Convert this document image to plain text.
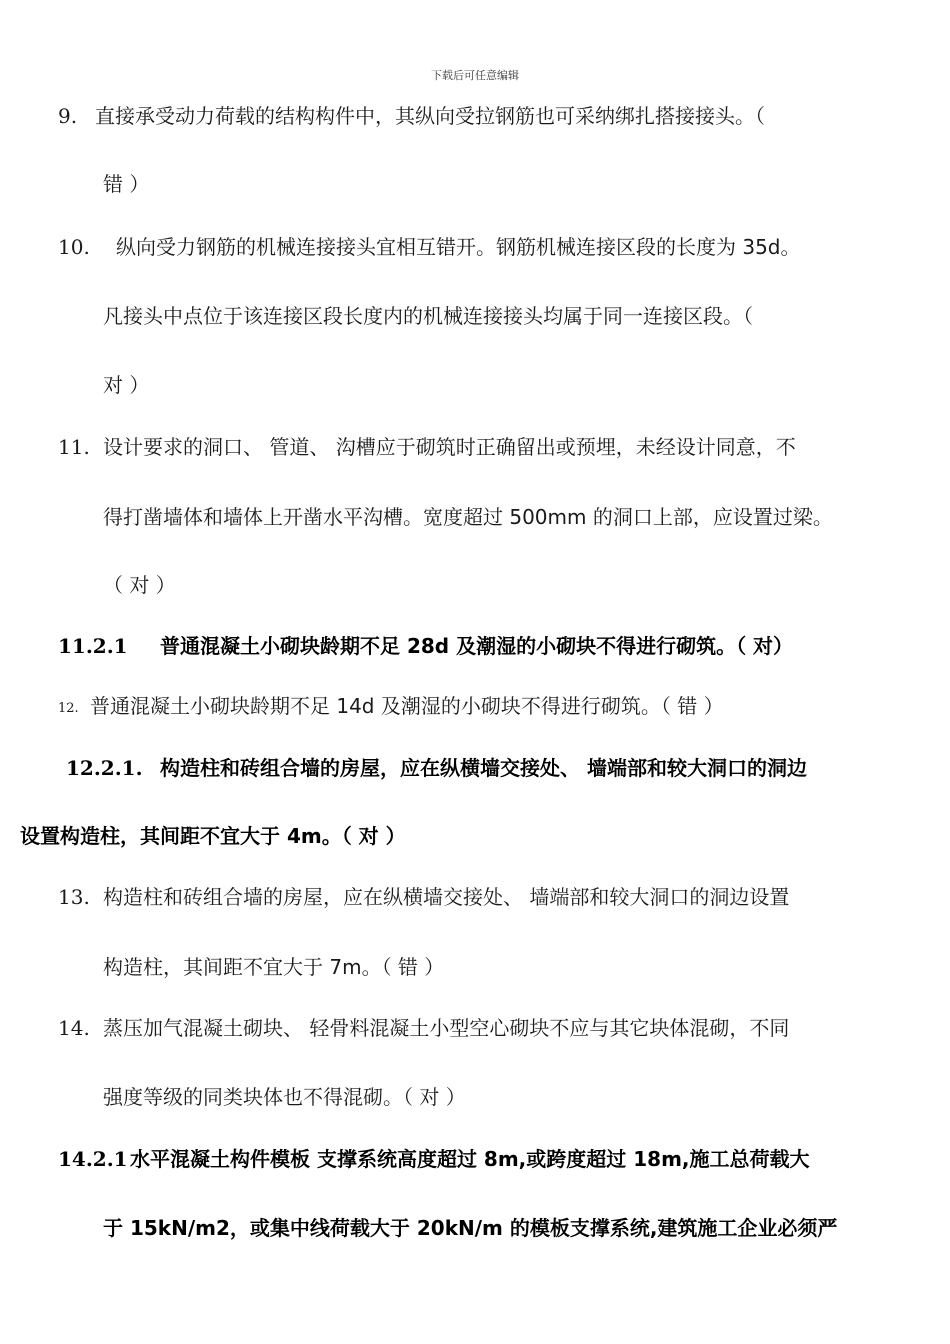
下载后可任意编辑
9. 直接承受动力荷载的结构构件中，其纵向受拉钢筋也可采纳绑扎搭接接头。（
错 ）
10. 纵向受力钢筋的机械连接接头宜相互错开。钢筋机械连接区段的长度为 35d。
凡接头中点位于该连接区段长度内的机械连接接头均属于同一连接区段。（
对 ）
11. 设计要求的洞口、 管道、 沟槽应于砌筑时正确留出或预埋，未经设计同意，不
得打凿墙体和墙体上开凿水平沟槽。宽度超过 500mm 的洞口上部，应设置过梁。
（ 对 ）
11.2.1 普通混凝土小砌块龄期不足 28d 及潮湿的小砌块不得进行砌筑。（ 对）
12. 普通混凝土小砌块龄期不足 14d 及潮湿的小砌块不得进行砌筑。（ 错 ）
12.2.1. 构造柱和砖组合墙的房屋，应在纵横墙交接处、 墙端部和较大洞口的洞边
设置构造柱，其间距不宜大于 4m。（ 对 ）
13. 构造柱和砖组合墙的房屋，应在纵横墙交接处、 墙端部和较大洞口的洞边设置
构造柱，其间距不宜大于 7m。（ 错 ）
14. 蒸压加气混凝土砌块、 轻骨料混凝土小型空心砌块不应与其它块体混砌，不同
强度等级的同类块体也不得混砌。（ 对 ）
14.2.1 水平混凝土构件模板 支撑系统高度超过 8m,或跨度超过 18m,施工总荷载大
于 15kN/m2，或集中线荷载大于 20kN/m 的模板支撑系统,建筑施工企业必须严
